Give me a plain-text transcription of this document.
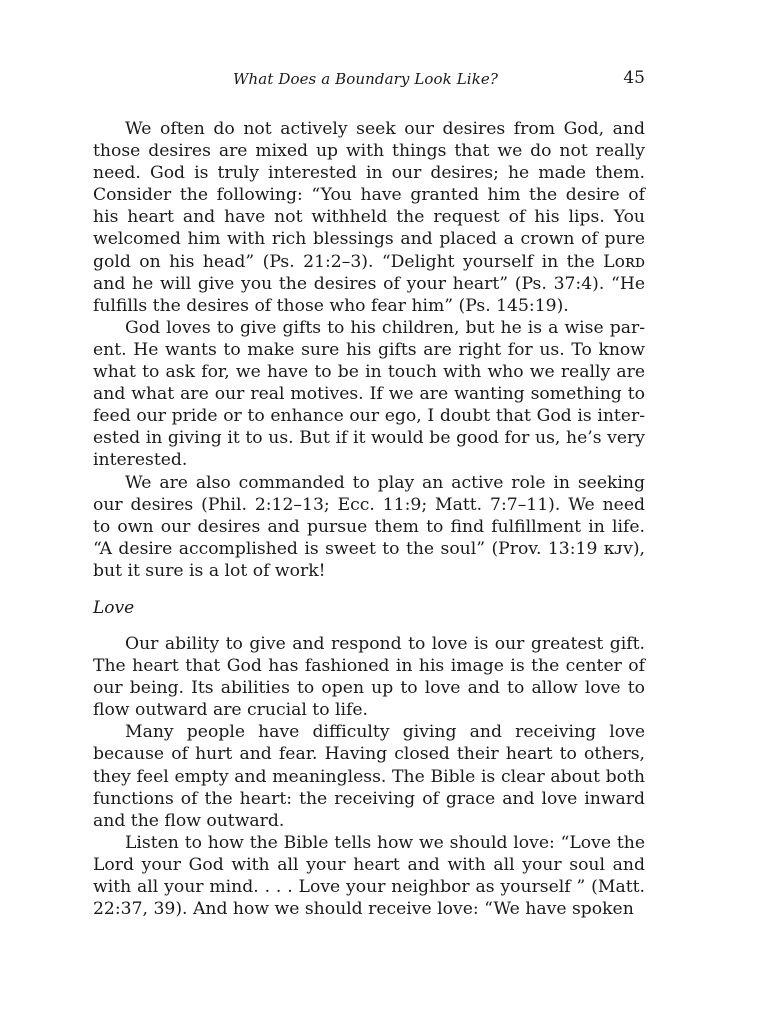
What Does a Boundary Look Like?	45

We often do not actively seek our desires from God, and those desires are mixed up with things that we do not really need. God is truly interested in our desires; he made them. Consider the following: “You have granted him the desire of his heart and have not withheld the request of his lips. You welcomed him with rich blessings and placed a crown of pure gold on his head” (Ps. 21:2–3). “Delight yourself in the Lᴏʀᴅ and he will give you the desires of your heart” (Ps. 37:4). “He fulfills the desires of those who fear him” (Ps. 145:19).

God loves to give gifts to his children, but he is a wise parent. He wants to make sure his gifts are right for us. To know what to ask for, we have to be in touch with who we really are and what are our real motives. If we are wanting something to feed our pride or to enhance our ego, I doubt that God is interested in giving it to us. But if it would be good for us, he’s very interested.

We are also commanded to play an active role in seeking our desires (Phil. 2:12–13; Ecc. 11:9; Matt. 7:7–11). We need to own our desires and pursue them to find fulfillment in life. “A desire accomplished is sweet to the soul” (Prov. 13:19 ᴋᴊᴠ), but it sure is a lot of work!

Love

Our ability to give and respond to love is our greatest gift. The heart that God has fashioned in his image is the center of our being. Its abilities to open up to love and to allow love to flow outward are crucial to life.

Many people have difficulty giving and receiving love because of hurt and fear. Having closed their heart to others, they feel empty and meaningless. The Bible is clear about both functions of the heart: the receiving of grace and love inward and the flow outward.

Listen to how the Bible tells how we should love: “Love the Lord your God with all your heart and with all your soul and with all your mind. . . . Love your neighbor as yourself ” (Matt. 22:37, 39). And how we should receive love: “We have spoken
